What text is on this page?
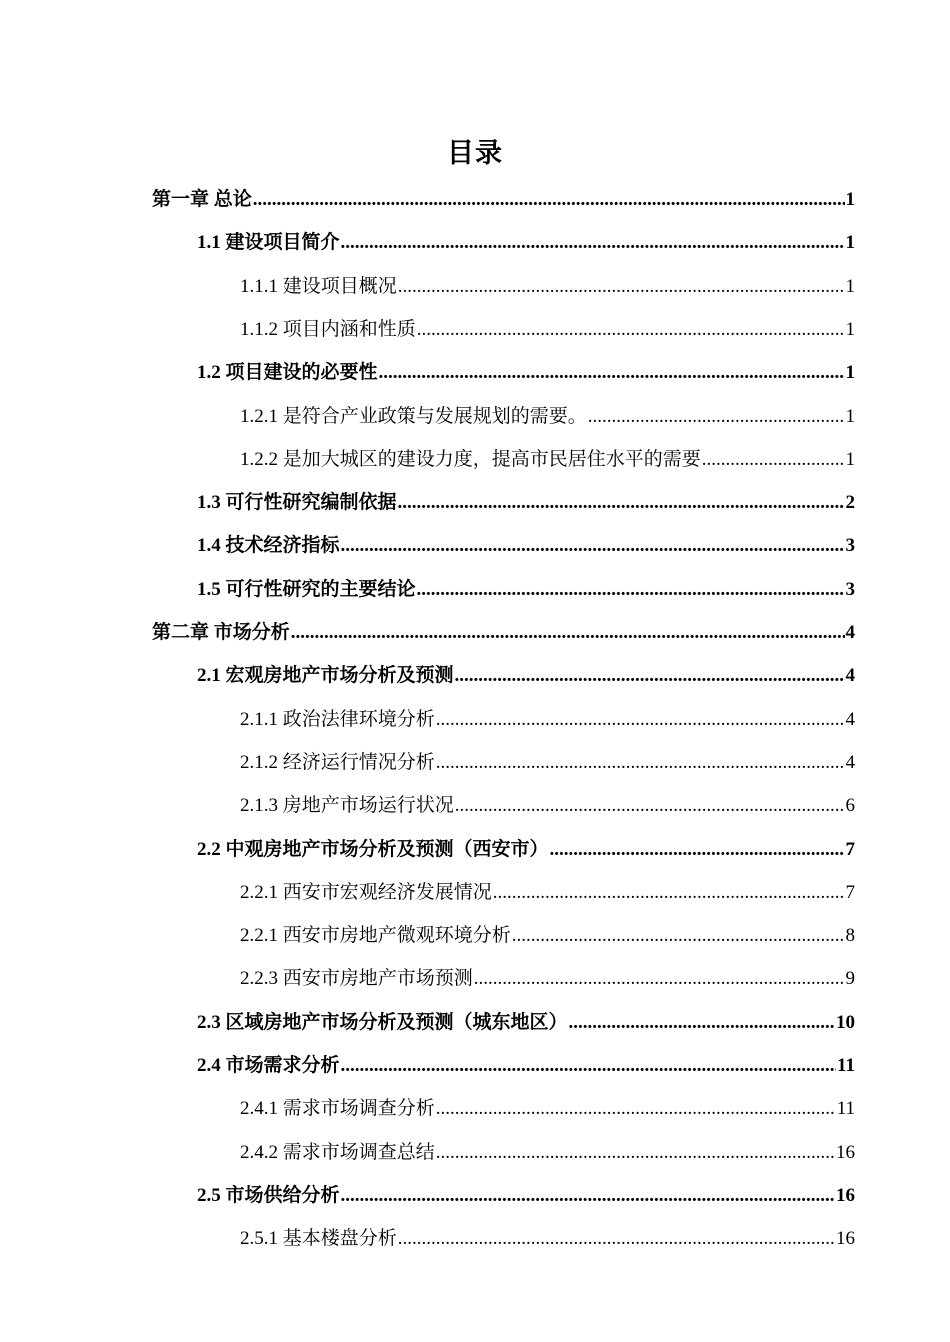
目录
第一章 总论 .....	1
1.1 建设项目简介 .....	1
1.1.1 建设项目概况 .....	1
1.1.2 项目内涵和性质 .....	1
1.2 项目建设的必要性 .....	1
1.2.1 是符合产业政策与发展规划的需要。 .....	1
1.2.2 是加大城区的建设力度，提高市民居住水平的需要 .....	1
1.3 可行性研究编制依据 .....	2
1.4 技术经济指标 .....	3
1.5 可行性研究的主要结论 .....	3
第二章 市场分析 .....	4
2.1 宏观房地产市场分析及预测 .....	4
2.1.1 政治法律环境分析 .....	4
2.1.2 经济运行情况分析 .....	4
2.1.3 房地产市场运行状况 .....	6
2.2 中观房地产市场分析及预测（西安市） .....	7
2.2.1 西安市宏观经济发展情况 .....	7
2.2.1 西安市房地产微观环境分析 .....	8
2.2.3 西安市房地产市场预测 .....	9
2.3 区域房地产市场分析及预测（城东地区） .....	10
2.4 市场需求分析 .....	11
2.4.1 需求市场调查分析 .....	11
2.4.2 需求市场调查总结 .....	16
2.5 市场供给分析 .....	16
2.5.1 基本楼盘分析 .....	16
